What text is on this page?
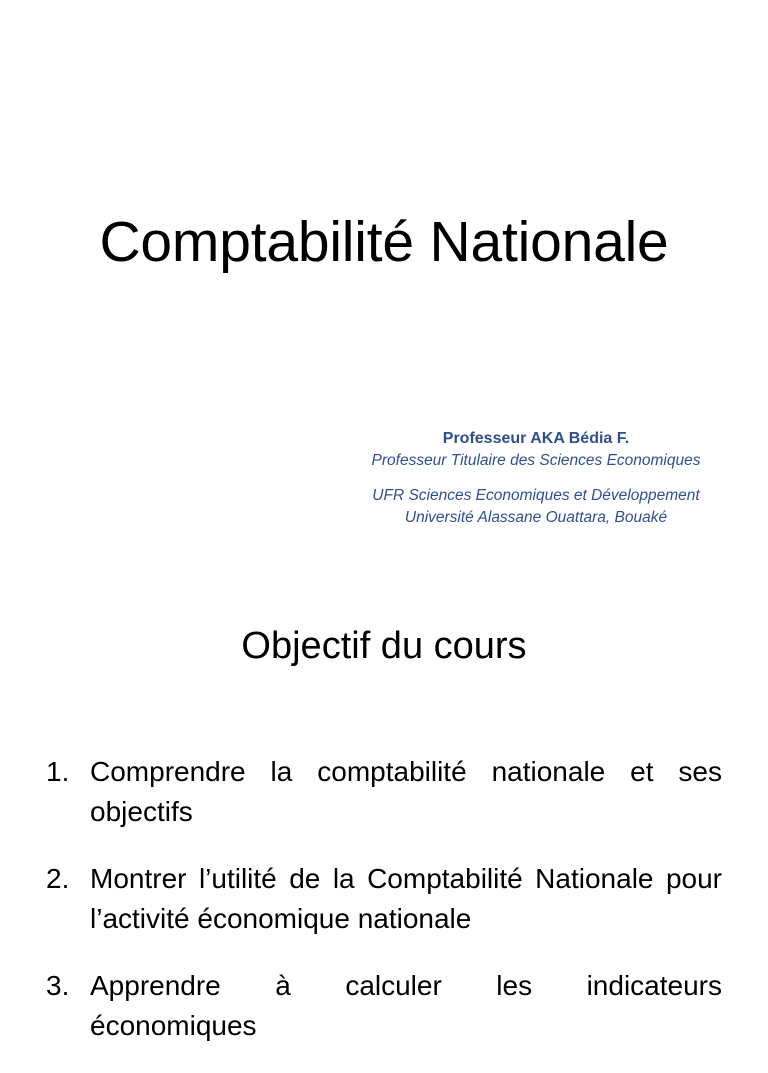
Comptabilité Nationale

Professeur AKA Bédia F.

Professeur Titulaire des Sciences Economiques

UFR Sciences Economiques et Développement

Université Alassane Ouattara, Bouaké

Objectif du cours
1. Comprendre la comptabilité nationale et ses objectifs
2. Montrer l’utilité de la Comptabilité Nationale pour l’activité économique nationale
3. Apprendre à calculer les indicateurs
économiques
